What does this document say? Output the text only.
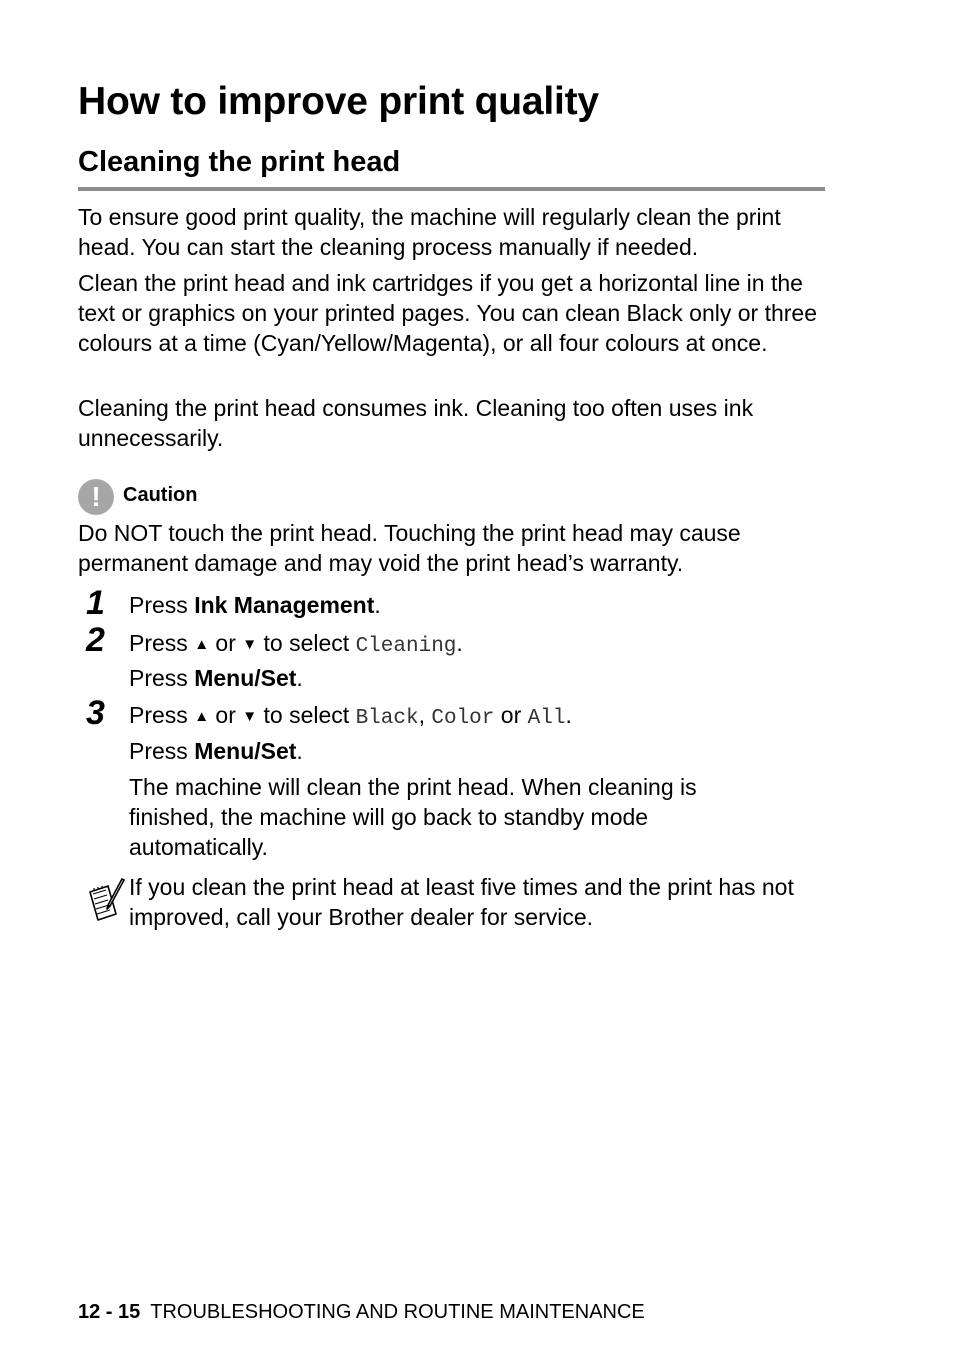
How to improve print quality
Cleaning the print head

To ensure good print quality, the machine will regularly clean the print head. You can start the cleaning process manually if needed.

Clean the print head and ink cartridges if you get a horizontal line in the text or graphics on your printed pages. You can clean Black only or three colours at a time (Cyan/Yellow/Magenta), or all four colours at once.

Cleaning the print head consumes ink. Cleaning too often uses ink unnecessarily.

!	Caution

Do NOT touch the print head. Touching the print head may cause permanent damage and may void the print head’s warranty.

1 Press Ink Management.

2 Press ▲ or ▼ to select Cleaning.

Press Menu/Set.

3 Press ▲ or ▼ to select Black, Color or All.

Press Menu/Set.

The machine will clean the print head. When cleaning is finished, the machine will go back to standby mode automatically.

If you clean the print head at least five times and the print has not improved, call your Brother dealer for service.

12 - 15 TROUBLESHOOTING AND ROUTINE MAINTENANCE
